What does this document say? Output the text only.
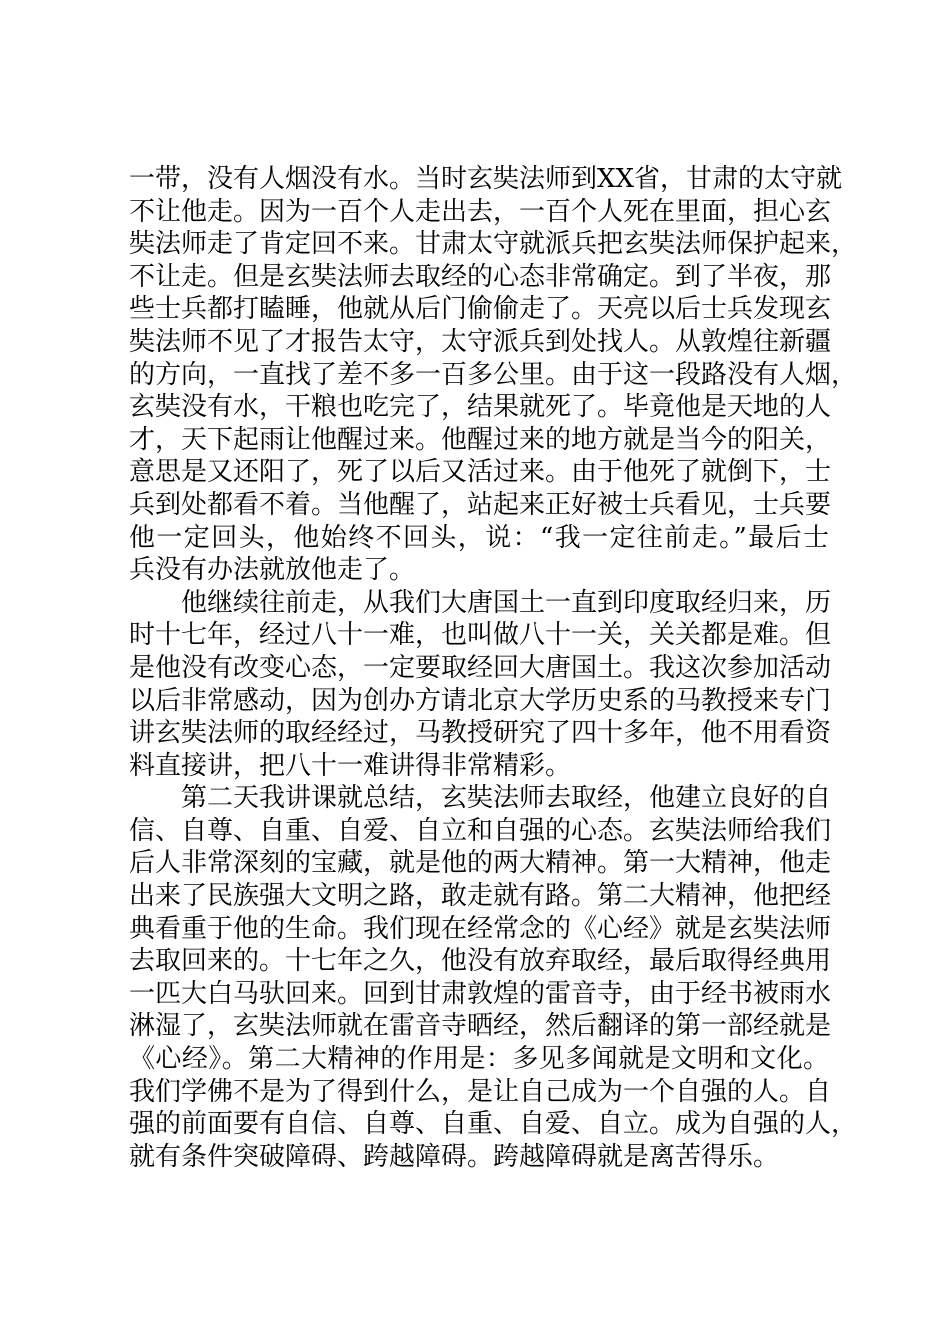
一带，没有人烟没有水。当时玄奘法师到XX省，甘肃的太守就
不让他走。因为一百个人走出去，一百个人死在里面，担心玄
奘法师走了肯定回不来。甘肃太守就派兵把玄奘法师保护起来，
不让走。但是玄奘法师去取经的心态非常确定。到了半夜，那
些士兵都打瞌睡，他就从后门偷偷走了。天亮以后士兵发现玄
奘法师不见了才报告太守，太守派兵到处找人。从敦煌往新疆
的方向，一直找了差不多一百多公里。由于这一段路没有人烟，
玄奘没有水，干粮也吃完了，结果就死了。毕竟他是天地的人
才，天下起雨让他醒过来。他醒过来的地方就是当今的阳关，
意思是又还阳了，死了以后又活过来。由于他死了就倒下，士
兵到处都看不着。当他醒了，站起来正好被士兵看见，士兵要
他一定回头，他始终不回头，说：“我一定往前走。”最后士
兵没有办法就放他走了。
他继续往前走，从我们大唐国土一直到印度取经归来，历
时十七年，经过八十一难，也叫做八十一关，关关都是难。但
是他没有改变心态，一定要取经回大唐国土。我这次参加活动
以后非常感动，因为创办方请北京大学历史系的马教授来专门
讲玄奘法师的取经经过，马教授研究了四十多年，他不用看资
料直接讲，把八十一难讲得非常精彩。
第二天我讲课就总结，玄奘法师去取经，他建立良好的自
信、自尊、自重、自爱、自立和自强的心态。玄奘法师给我们
后人非常深刻的宝藏，就是他的两大精神。第一大精神，他走
出来了民族强大文明之路，敢走就有路。第二大精神，他把经
典看重于他的生命。我们现在经常念的《心经》就是玄奘法师
去取回来的。十七年之久，他没有放弃取经，最后取得经典用
一匹大白马驮回来。回到甘肃敦煌的雷音寺，由于经书被雨水
淋湿了，玄奘法师就在雷音寺晒经，然后翻译的第一部经就是
《心经》。第二大精神的作用是：多见多闻就是文明和文化。
我们学佛不是为了得到什么，是让自己成为一个自强的人。自
强的前面要有自信、自尊、自重、自爱、自立。成为自强的人，
就有条件突破障碍、跨越障碍。跨越障碍就是离苦得乐。
